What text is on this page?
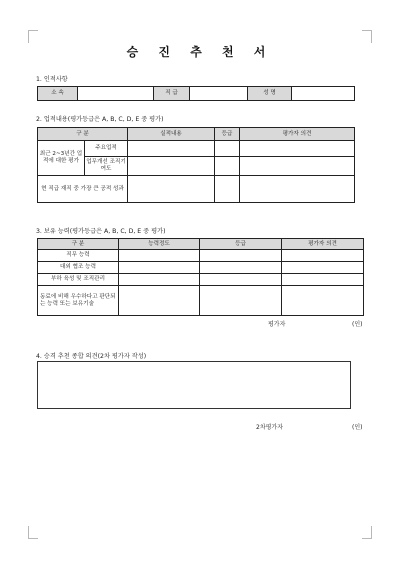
승 진 추 천 서
1. 인적사항
소 속		직 급		성 명	
2. 업적내용(평가등급은 A, B, C, D, E 중 평가)
구 분		실적내용	등급	평가자 의견
최근 2~3년간 업적에 대한 평가	주요업적			
	업무개선 조직기여도			
현 직급 재직 중 가장 큰 공적 성과				
3. 보유 능력(평가등급은 A, B, C, D, E 중 평가)
구 분	능력정도	등급	평가자 의견
직무 능력			
대외 협조 능력			
부하 육성 및 조직관리			
동료에 비해 우수하다고 판단되는 능력 또는 보유기술			
평가자	(인)
4. 승격 추천 종합 의견(2차 평가자 작성)
2차평가자	(인)
